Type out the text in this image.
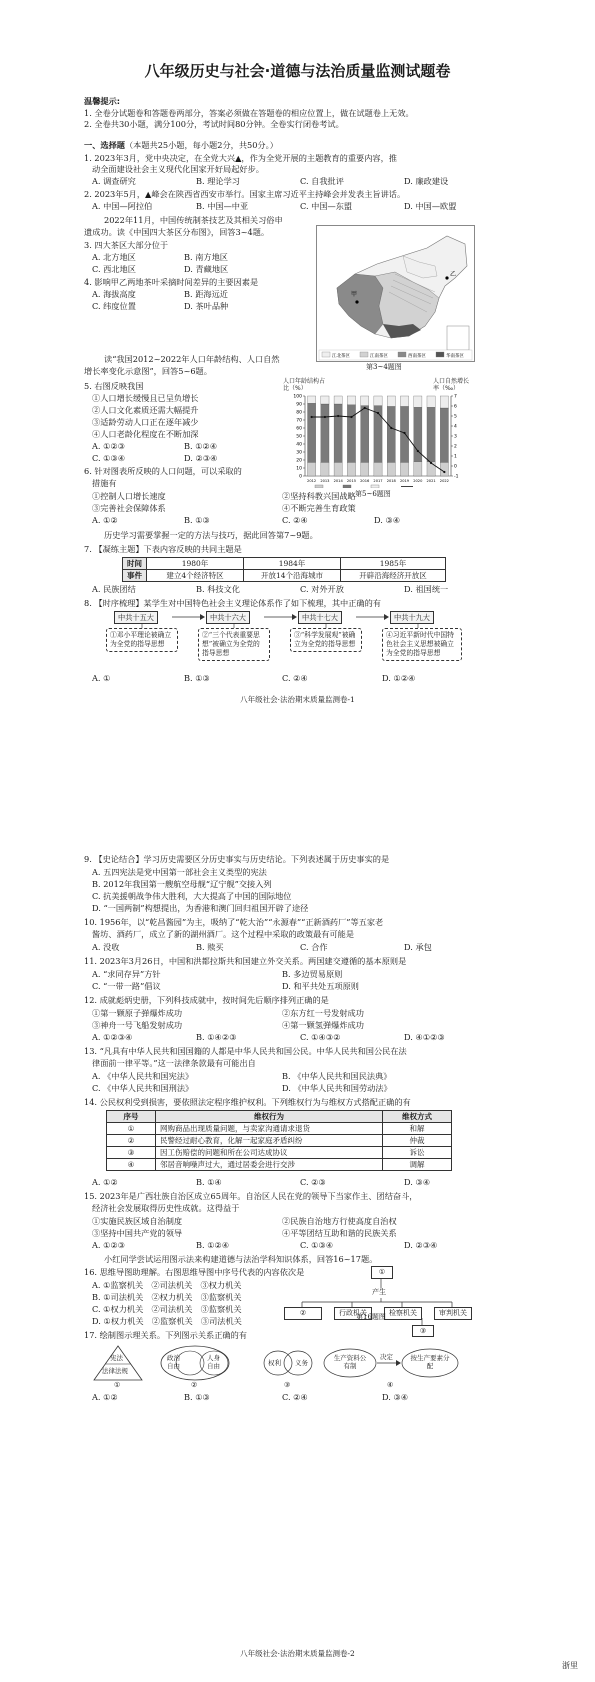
八年级历史与社会·道德与法治质量监测试题卷
温馨提示:
1. 全卷分试题卷和答题卷两部分，答案必须做在答题卷的相应位置上，做在试题卷上无效。
2. 全卷共30小题，满分100分，考试时间80分钟。全卷实行闭卷考试。
一、选择题（本题共25小题，每小题2分，共50分。）
1. 2023年3月，党中央决定，在全党大兴▲，作为全党开展的主题教育的重要内容，推
动全面建设社会主义现代化国家开好局起好步。
A. 调查研究	B. 理论学习	C. 自我批评	D. 廉政建设
2. 2023年5月，▲峰会在陕西省西安市举行。国家主席习近平主持峰会并发表主旨讲话。
A. 中国—阿拉伯	B. 中国—中亚	C. 中国—东盟	D. 中国—欧盟
2022年11月，中国传统制茶技艺及其相关习俗申
遗成功。读《中国四大茶区分布图》，回答3~4题。
3. 四大茶区大部分位于
A. 北方地区	B. 南方地区
C. 西北地区	D. 青藏地区
4. 影响甲乙两地茶叶采摘时间差异的主要因素是
A. 海拔高度	B. 距海远近
C. 纬度位置	D. 茶叶品种
甲
乙
江北茶区	江南茶区	西南茶区	华南茶区
第3~4题图
读“我国2012~2022年人口年龄结构、人口自然
增长率变化示意图”，回答5~6题。
5. 右图反映我国
①人口增长缓慢且已呈负增长
②人口文化素质还需大幅提升
③适龄劳动人口正在逐年减少
④人口老龄化程度在不断加深
A. ①②③	B. ①②④
C. ①③④	D. ②③④
人口年龄结构占比（%）
人口自然增长率（‰）
0
10
20
30
40
50
60
70
80
90
100
-1
0
1
2
3
4
5
6
7
2012 2013 2014 2015 2016 2017 2018 2019 2020 2021 2022
第5~6题图
6. 针对图表所反映的人口问题，可以采取的
措施有
①控制人口增长速度	②坚持科教兴国战略
③完善社会保障体系	④不断完善生育政策
A. ①②	B. ①③	C. ②④	D. ③④
历史学习需要掌握一定的方法与技巧，据此回答第7~9题。
7. 【凝练主题】下表内容反映的共同主题是
时间	1980年	1984年	1985年
事件	建立4个经济特区	开放14个沿海城市	开辟沿海经济开放区
A. 民族团结	B. 科技文化	C. 对外开放	D. 祖国统一
8. 【时序梳理】某学生对中国特色社会主义理论体系作了如下梳理，其中正确的有
中共十五大	中共十六大	中共十七大	中共十九大
①邓小平理论被确立为全党的指导思想
②“三个代表重要思想”被确立为全党的指导思想
③“科学发展观”被确立为全党的指导思想
④习近平新时代中国特色社会主义思想被确立为全党的指导思想
A. ①	B. ①③	C. ②④	D. ①②④
八年级社会·法治期末质量监测卷-1
9. 【史论结合】学习历史需要区分历史事实与历史结论。下列表述属于历史事实的是
A. 五四宪法是党中国第一部社会主义类型的宪法
B. 2012年我国第一艘航空母舰“辽宁舰”交接入列
C. 抗美援朝战争伟大胜利，大大提高了中国的国际地位
D. “一国两制”构想提出，为香港和澳门回归祖国开辟了途径
10. 1956年，以“乾昌酱园”为主，吸纳了“乾大治”“永源春”“正新酒药厂”等五家老
酱坊、酒药厂，成立了新的湖州酒厂。这个过程中采取的政策最有可能是
A. 没收	B. 赎买	C. 合作	D. 承包
11. 2023年3月26日，中国和洪都拉斯共和国建立外交关系。两国建交遵循的基本原则是
A. “求同存异”方针	B. 多边贸易原则
C. “一带一路”倡议	D. 和平共处五项原则
12. 成就彪炳史册，下列科技成就中，按时间先后顺序排列正确的是
①第一颗原子弹爆炸成功	②东方红一号发射成功
③神舟一号飞船发射成功	④第一颗氢弹爆炸成功
A. ①②③④	B. ①④②③	C. ①④③②	D. ④①②③
13. “凡具有中华人民共和国国籍的人都是中华人民共和国公民。中华人民共和国公民在法
律面前一律平等。”这一法律条款最有可能出自
A. 《中华人民共和国宪法》	B. 《中华人民共和国民法典》
C. 《中华人民共和国刑法》	D. 《中华人民共和国劳动法》
14. 公民权利受到损害，要依照法定程序维护权利。下列维权行为与维权方式搭配正确的有
序号	维权行为	维权方式
①	网购商品出现质量问题，与卖家沟通请求退货	和解
②	民警经过耐心教育，化解一起家庭矛盾纠纷	仲裁
③	因工伤赔偿的问题和所在公司达成协议	诉讼
④	邻居音响噪声过大，通过居委会进行交涉	调解
A. ①②	B. ①④	C. ②③	D. ③④
15. 2023年是广西壮族自治区成立65周年。自治区人民在党的领导下当家作主、团结奋斗，
经济社会发展取得历史性成就。这得益于
①实施民族区域自治制度	②民族自治地方行使高度自治权
③坚持中国共产党的领导	④平等团结互助和谐的民族关系
A. ①②③	B. ①②④	C. ①③④	D. ②③④
小红同学尝试运用图示法来构建道德与法治学科知识体系，回答16~17题。
16. 思维导图助理解。右图思维导图中序号代表的内容依次是
A. ①监察机关　②司法机关　③权力机关
B. ①司法机关　②权力机关　③监察机关
C. ①权力机关　②司法机关　③监察机关
D. ①权力机关　②监察机关　③司法机关
①
产生
②	行政机关	检察机关	审判机关
③
第16题图
17. 绘制图示理关系。下列图示关系正确的有
宪法
法律法规
政治自由
人身自由	权利 义务
生产资料公有制
决定	按生产要素分配
①	②	③	④
A. ①②	B. ①③	C. ②④	D. ③④
八年级社会·法治期末质量监测卷-2
浙里
